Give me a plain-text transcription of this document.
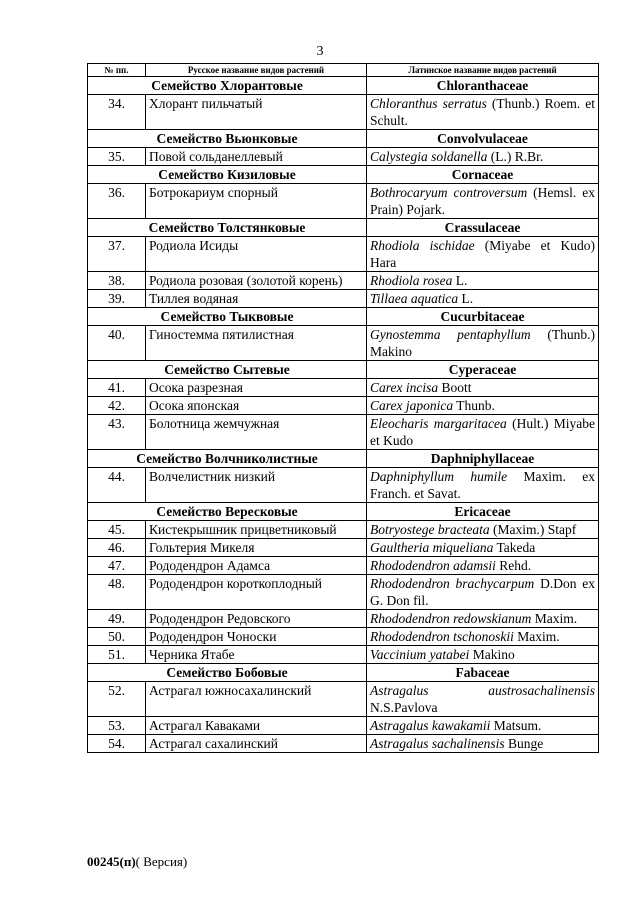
3
№ пп.	Русское название видов растений	Латинское название видов растений
Семейство Хлорантовые		Chloranthaceae
34.	Хлорант пильчатый	Chloranthus serratus (Thunb.) Roem. et Schult.
Семейство Вьюнковые		Convolvulaceae
35.	Повой сольданеллевый	Calystegia soldanella (L.) R.Br.
Семейство Кизиловые		Cornaceae
36.	Ботрокариум спорный	Bothrocaryum controversum (Hemsl. ex Prain) Pojark.
Семейство Толстянковые		Crassulaceae
37.	Родиола Исиды	Rhodiola ischidae (Miyabe et Kudo) Hara
38.	Родиола розовая (золотой корень)	Rhodiola rosea L.
39.	Тиллея водяная	Tillaea aquatica L.
Семейство Тыквовые		Cucurbitaceae
40.	Гиностемма пятилистная	Gynostemma pentaphyllum (Thunb.) Makino
Семейство Сытевые		Cyperaceae
41.	Осока разрезная	Carex incisa Boott
42.	Осока японская	Carex japonica Thunb.
43.	Болотница жемчужная	Eleocharis margaritacea (Hult.) Miyabe et Kudo
Семейство Волчниколистные		Daphniphyllaceae
44.	Волчелистник низкий	Daphniphyllum humile Maxim. ex Franch. et Savat.
Семейство Вересковые		Ericaceae
45.	Кистекрышник прицветниковый	Botryostege bracteata (Maxim.) Stapf
46.	Гольтерия Микеля	Gaultheria miqueliana Takeda
47.	Рододендрон Адамса	Rhododendron adamsii Rehd.
48.	Рододендрон короткоплодный	Rhododendron brachycarpum D.Don ex G. Don fil.
49.	Рододендрон Редовского	Rhododendron redowskianum Maxim.
50.	Рододендрон Чоноски	Rhododendron tschonoskii Maxim.
51.	Черника Ятабе	Vaccinium yatabei Makino
Семейство Бобовые		Fabaceae
52.	Астрагал южносахалинский	Astragalus austrosachalinensis N.S.Pavlova
53.	Астрагал Каваками	Astragalus kawakamii Matsum.
54.	Астрагал сахалинский	Astragalus sachalinensis Bunge
00245(п)( Версия)
